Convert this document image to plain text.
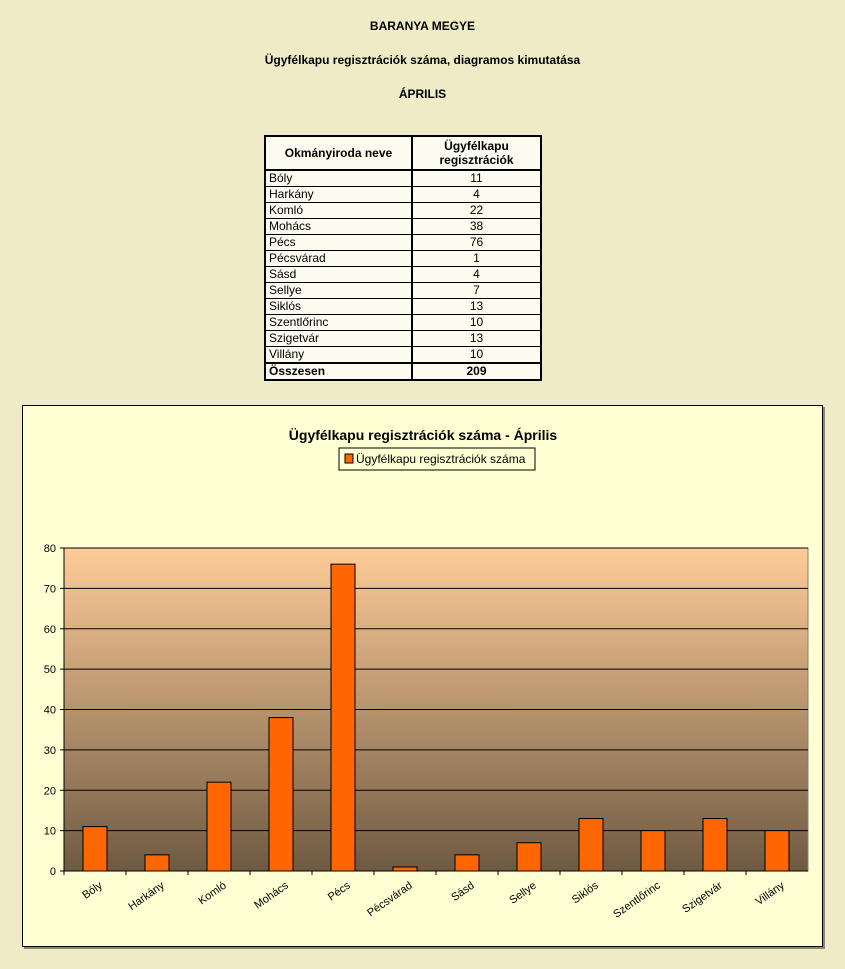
BARANYA MEGYE
Ügyfélkapu regisztrációk száma, diagramos kimutatása
ÁPRILIS
Okmányiroda neve	Ügyfélkapu
regisztrációk
Bóly	11
Harkány	4
Komló	22
Mohács	38
Pécs	76
Pécsvárad	1
Sásd	4
Sellye	7
Siklós	13
Szentlőrinc	10
Szigetvár	13
Villány	10
Összesen	209
Ügyfélkapu regisztrációk száma - Április
Ügyfélkapu regisztrációk száma
0
10
20
30
40
50
60
70
80
Bóly Harkány	Komló Mohács	Pécs Pécsvárad	Sásd	Sellye	Siklós Szentlőrinc Szigetvár	Villány
